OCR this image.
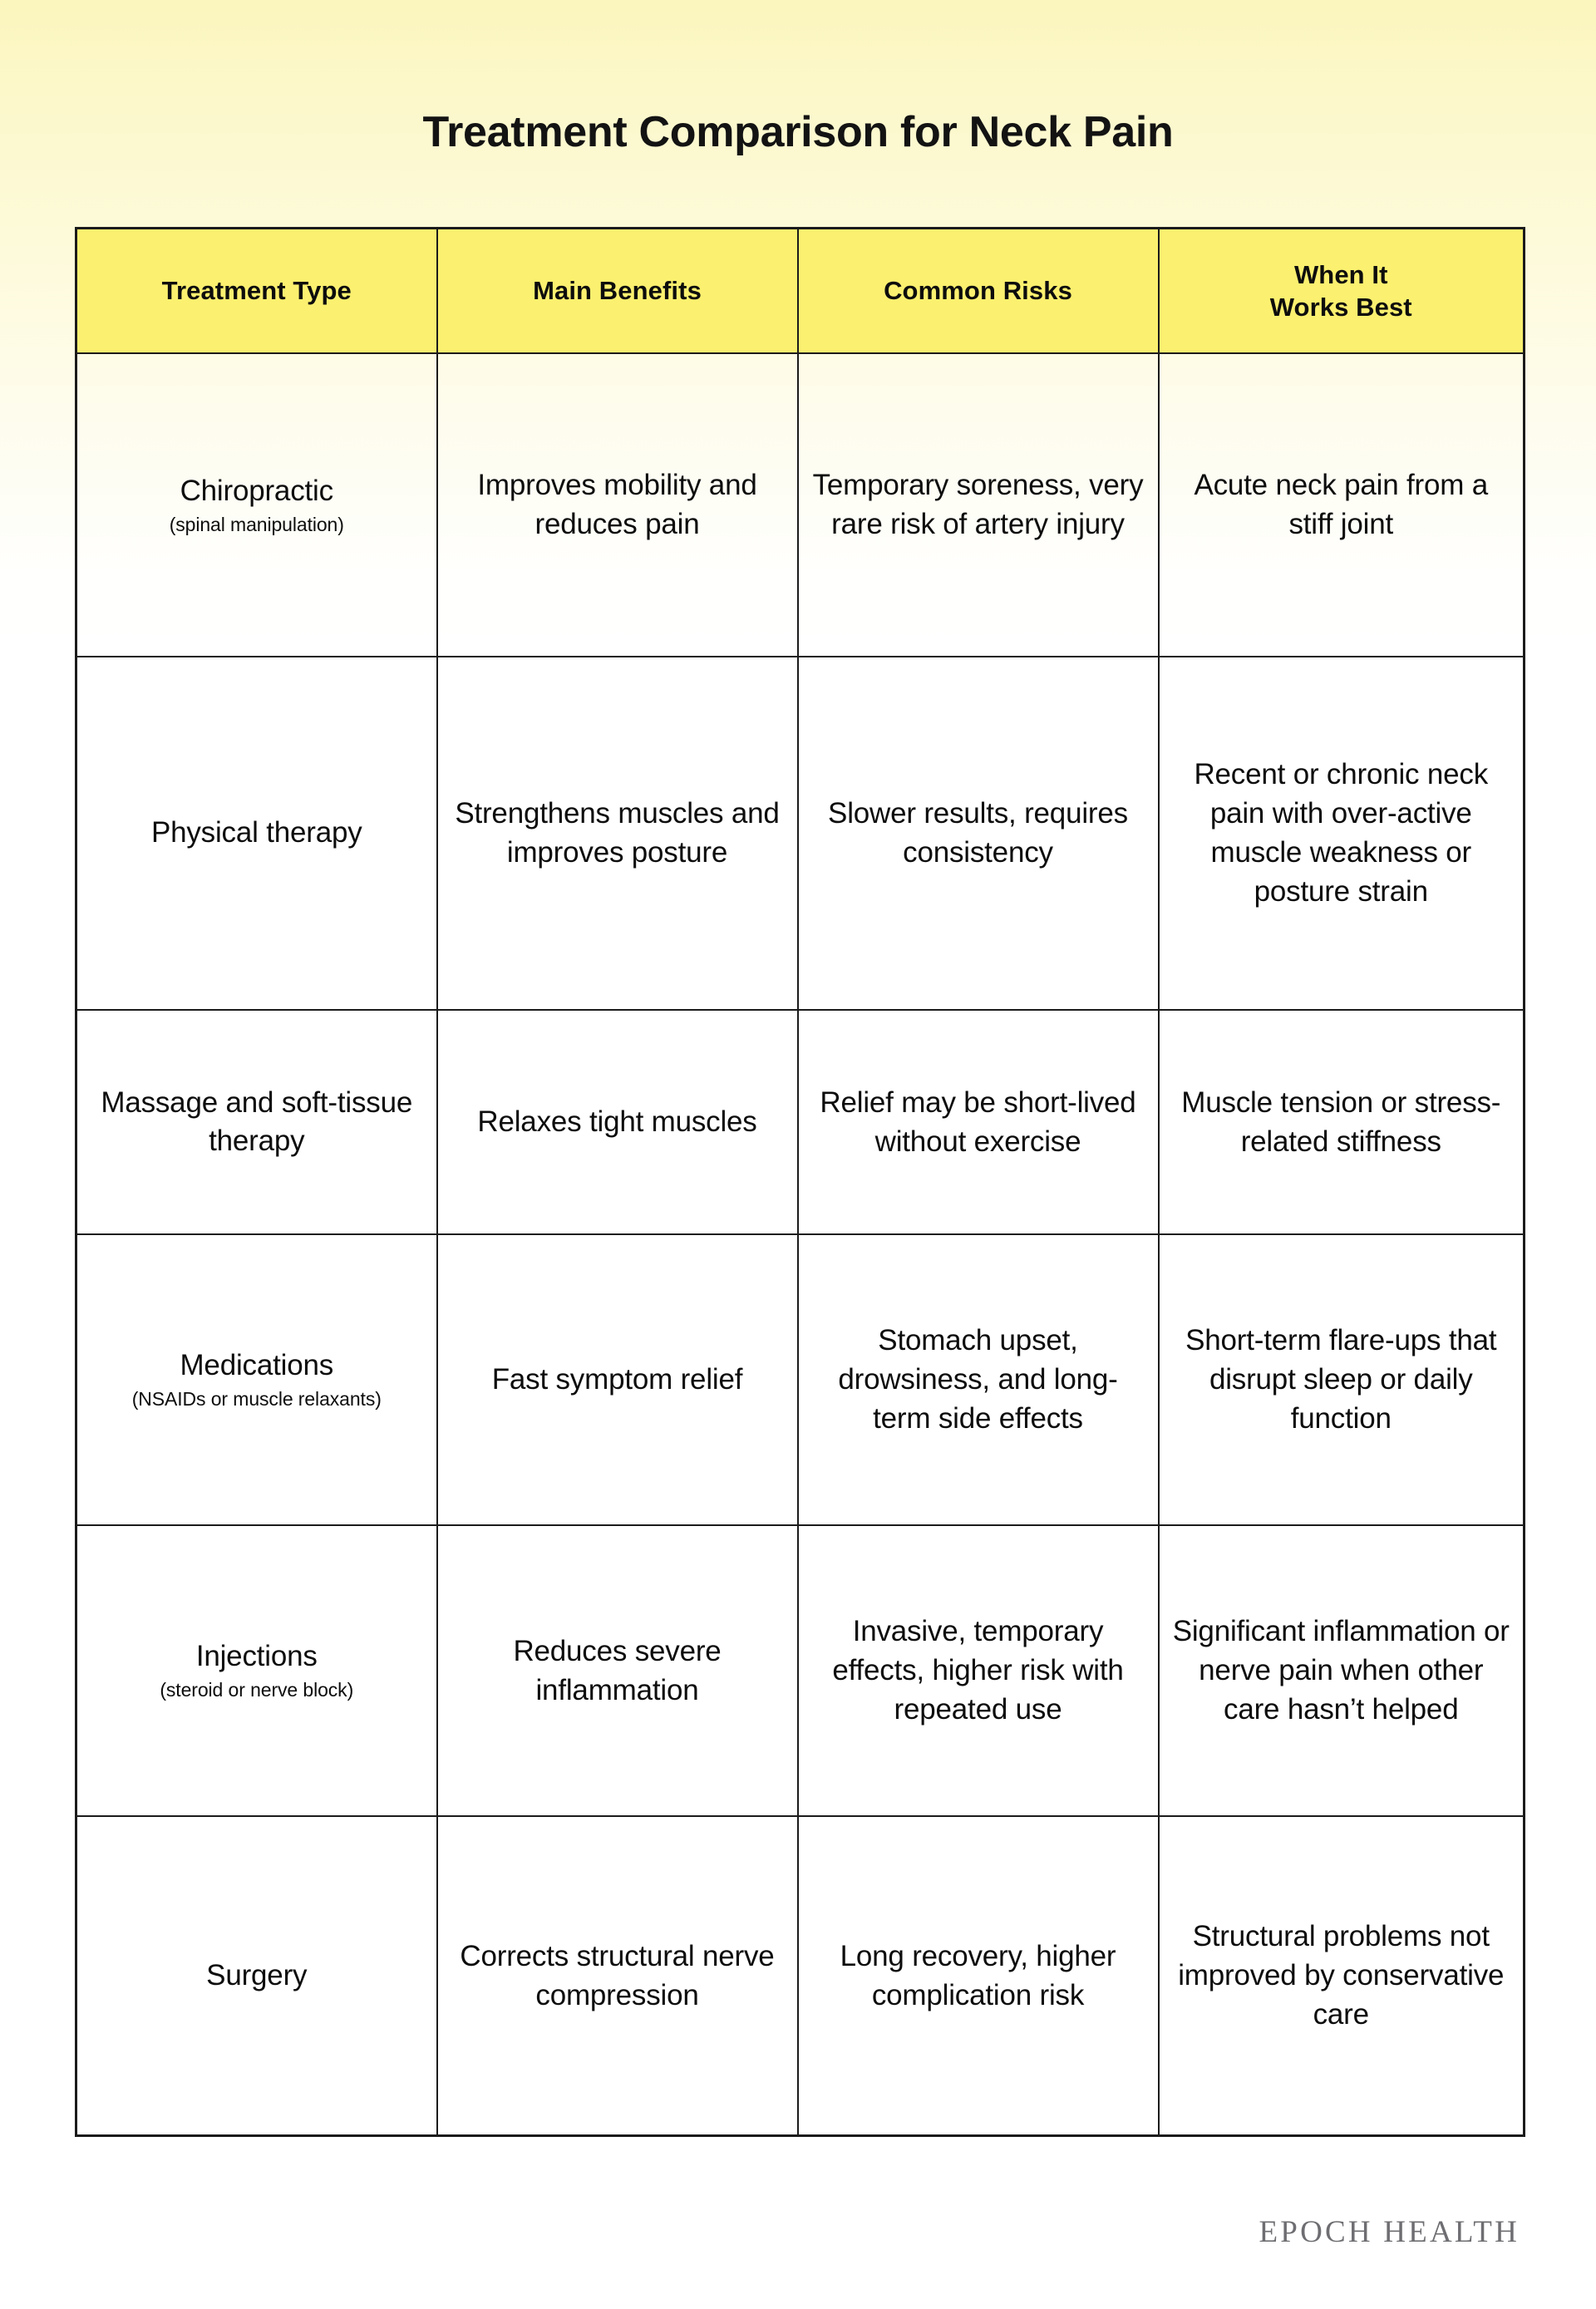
Treatment Comparison for Neck Pain
Treatment Type	Main Benefits	Common Risks	When It
Works Best
Chiropractic
(spinal manipulation)	Improves mobility and reduces pain	Temporary soreness, very rare risk of artery injury	Acute neck pain from a stiff joint
Physical therapy	Strengthens muscles and improves posture	Slower results, requires consistency	Recent or chronic neck pain with over-active muscle weakness or posture strain
Massage and soft-tissue therapy	Relaxes tight muscles	Relief may be short-lived without exercise	Muscle tension or stress-related stiffness
Medications
(NSAIDs or muscle relaxants)	Fast symptom relief	Stomach upset, drowsiness, and long-term side effects	Short-term flare-ups that disrupt sleep or daily function
Injections
(steroid or nerve block)	Reduces severe inflammation	Invasive, temporary effects, higher risk with repeated use	Significant inflammation or nerve pain when other care hasn’t helped
Surgery	Corrects structural nerve compression	Long recovery, higher complication risk	Structural problems not improved by conservative care
EPOCH HEALTH
